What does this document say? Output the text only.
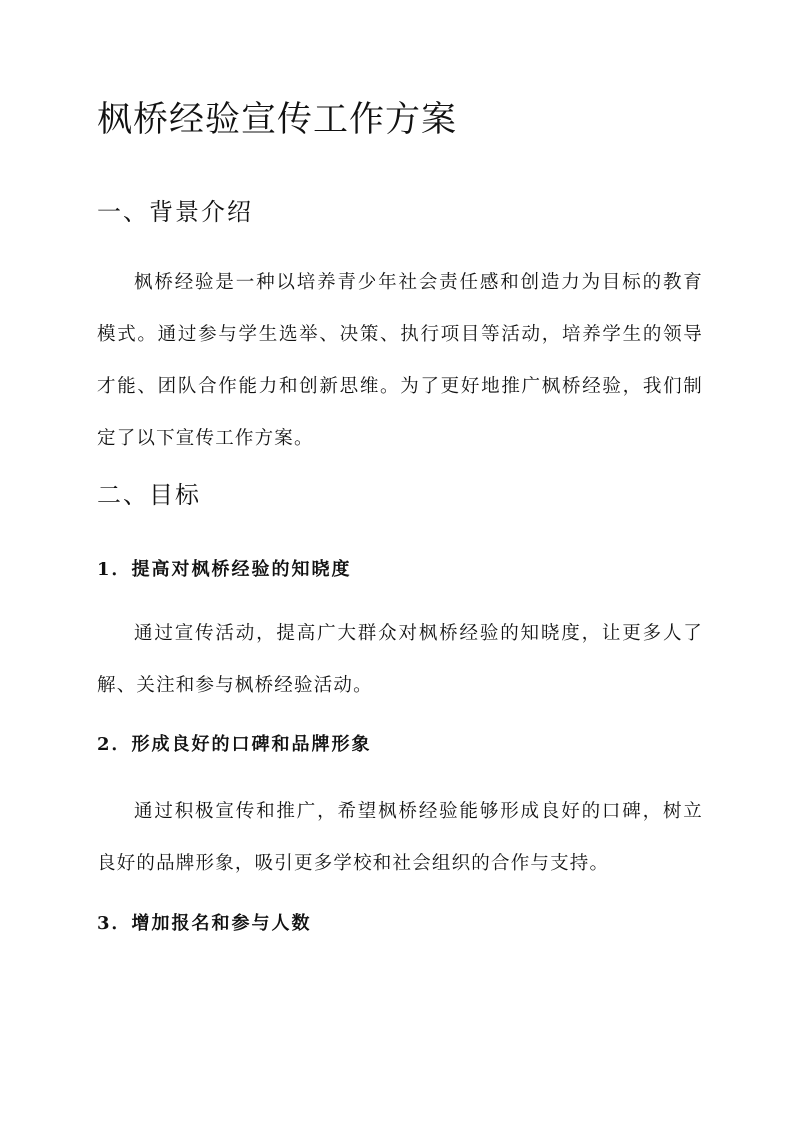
枫桥经验宣传工作方案
一、背景介绍

枫桥经验是一种以培养青少年社会责任感和创造力为目标的教育模式。通过参与学生选举、决策、执行项目等活动，培养学生的领导才能、团队合作能力和创新思维。为了更好地推广枫桥经验，我们制定了以下宣传工作方案。

二、目标
1．提高对枫桥经验的知晓度

通过宣传活动，提高广大群众对枫桥经验的知晓度，让更多人了解、关注和参与枫桥经验活动。

2．形成良好的口碑和品牌形象

通过积极宣传和推广，希望枫桥经验能够形成良好的口碑，树立良好的品牌形象，吸引更多学校和社会组织的合作与支持。

3．增加报名和参与人数
